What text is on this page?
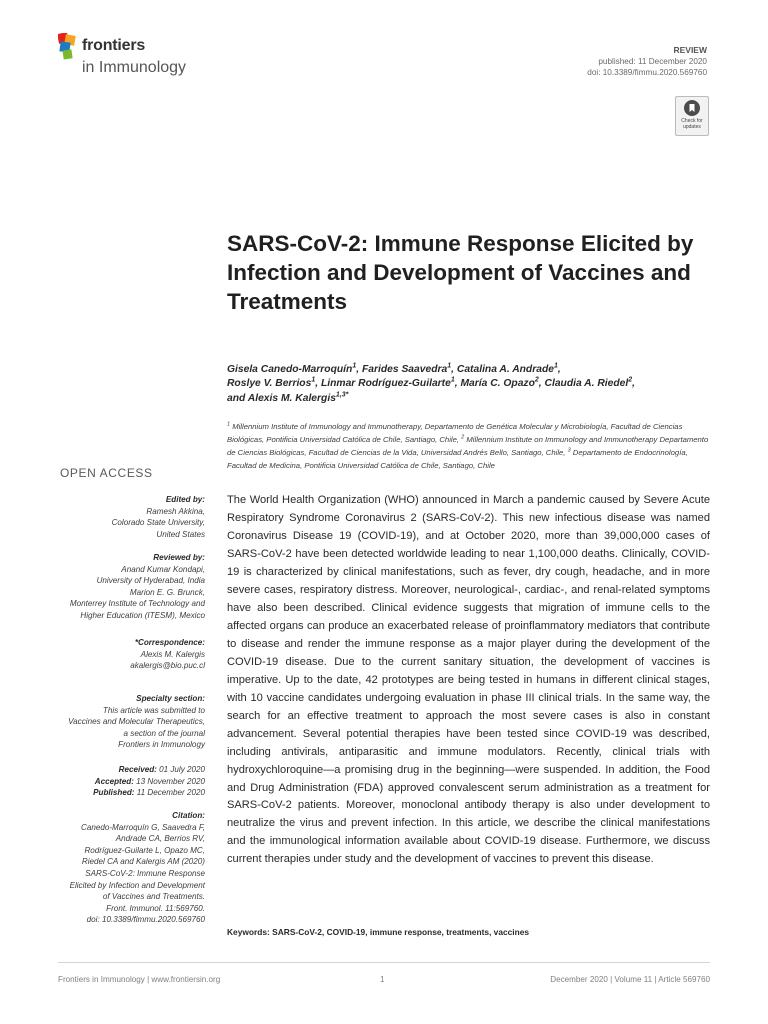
frontiers
in Immunology
REVIEW
published: 11 December 2020
doi: 10.3389/fimmu.2020.569760
Check for updates
SARS-CoV-2: Immune Response Elicited by Infection and Development of Vaccines and Treatments
Gisela Canedo-Marroquín$^1$, Farides Saavedra$^1$, Catalina A. Andrade$^1$,
Roslye V. Berrios$^1$, Linmar Rodríguez-Guilarte$^1$, María C. Opazo$^2$, Claudia A. Riedel$^2$,
and Alexis M. Kalergis$^{1,3*}$
$^1$ Millennium Institute of Immunology and Immunotherapy, Departamento de Genética Molecular y Microbiología, Facultad de Ciencias Biológicas, Pontificia Universidad Católica de Chile, Santiago, Chile, $^2$ Millennium Institute on Immunology and Immunotherapy Departamento de Ciencias Biológicas, Facultad de Ciencias de la Vida, Universidad Andrés Bello, Santiago, Chile, $^3$ Departamento de Endocrinología, Facultad de Medicina, Pontificia Universidad Católica de Chile, Santiago, Chile
OPEN ACCESS
Edited by:
Ramesh Akkina,
Colorado State University,
United States
Reviewed by:
Anand Kumar Kondapi,
University of Hyderabad, India
Marion E. G. Brunck,
Monterrey Institute of Technology and
Higher Education (ITESM), Mexico
*Correspondence:
Alexis M. Kalergis
akalergis@bio.puc.cl
Specialty section:
This article was submitted to
Vaccines and Molecular Therapeutics,
a section of the journal
Frontiers in Immunology
Received: 01 July 2020
Accepted: 13 November 2020
Published: 11 December 2020
Citation:
Canedo-Marroquín G, Saavedra F,
Andrade CA, Berrios RV,
Rodríguez-Guilarte L, Opazo MC,
Riedel CA and Kalergis AM (2020)
SARS-CoV-2: Immune Response
Elicited by Infection and Development
of Vaccines and Treatments.
Front. Immunol. 11:569760.
doi: 10.3389/fimmu.2020.569760

The World Health Organization (WHO) announced in March a pandemic caused by Severe Acute Respiratory Syndrome Coronavirus 2 (SARS-CoV-2). This new infectious disease was named Coronavirus Disease 19 (COVID-19), and at October 2020, more than 39,000,000 cases of SARS-CoV-2 have been detected worldwide leading to near 1,100,000 deaths. Clinically, COVID-19 is characterized by clinical manifestations, such as fever, dry cough, headache, and in more severe cases, respiratory distress. Moreover, neurological-, cardiac-, and renal-related symptoms have also been described. Clinical evidence suggests that migration of immune cells to the affected organs can produce an exacerbated release of proinflammatory mediators that contribute to disease and render the immune response as a major player during the development of the COVID-19 disease. Due to the current sanitary situation, the development of vaccines is imperative. Up to the date, 42 prototypes are being tested in humans in different clinical stages, with 10 vaccine candidates undergoing evaluation in phase III clinical trials. In the same way, the search for an effective treatment to approach the most severe cases is also in constant advancement. Several potential therapies have been tested since COVID-19 was described, including antivirals, antiparasitic and immune modulators. Recently, clinical trials with hydroxychloroquine—a promising drug in the beginning—were suspended. In addition, the Food and Drug Administration (FDA) approved convalescent serum administration as a treatment for SARS-CoV-2 patients. Moreover, monoclonal antibody therapy is also under development to neutralize the virus and prevent infection. In this article, we describe the clinical manifestations and the immunological information available about COVID-19 disease. Furthermore, we discuss current therapies under study and the development of vaccines to prevent this disease.

Keywords: SARS-CoV-2, COVID-19, immune response, treatments, vaccines
Frontiers in Immunology | www.frontiersin.org	1	December 2020 | Volume 11 | Article 569760
